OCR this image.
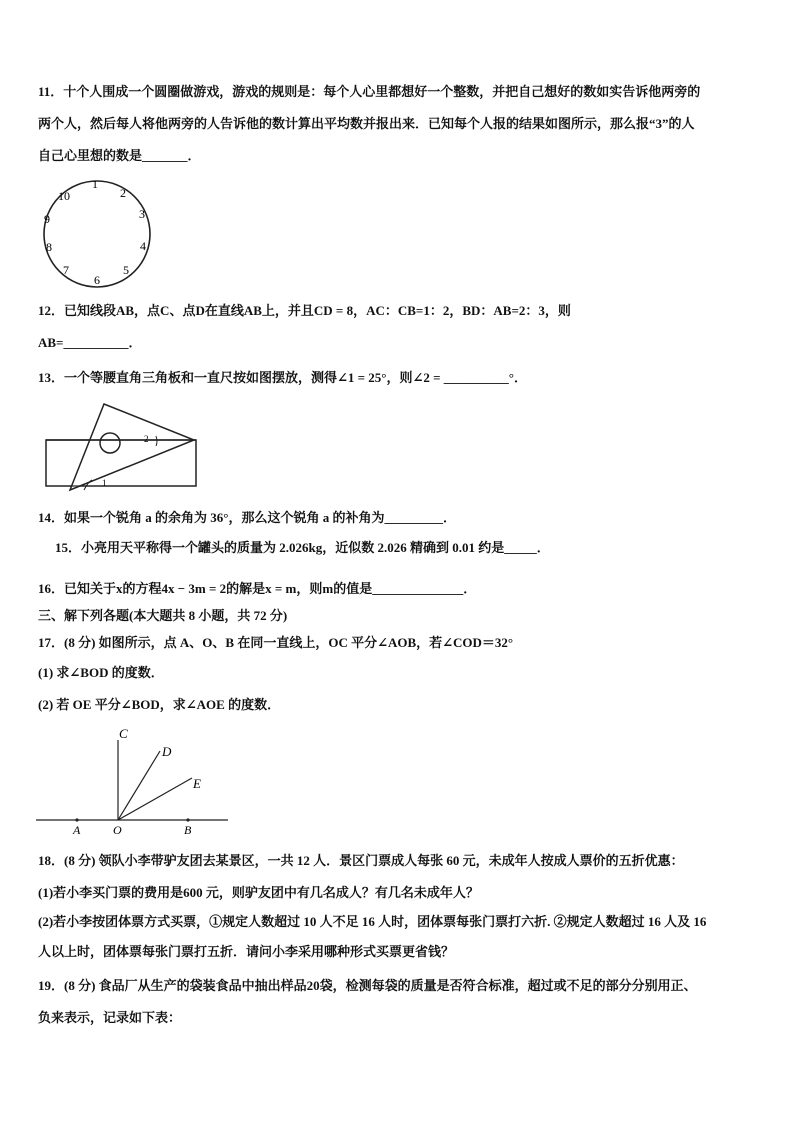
11．十个人围成一个圆圈做游戏，游戏的规则是：每个人心里都想好一个整数，并把自己想好的数如实告诉他两旁的
两个人，然后每人将他两旁的人告诉他的数计算出平均数并报出来．已知每个人报的结果如图所示，那么报“3”的人
自己心里想的数是_______．
1
2
3
4
5
6
7
8
9
10
12．已知线段AB，点C、点D在直线AB上，并且CD = 8，AC：CB=1：2，BD：AB=2：3，则
AB=__________．
13．一个等腰直角三角板和一直尺按如图摆放，测得∠1 = 25°，则∠2 = __________°．
1
2
14．如果一个锐角 a 的余角为 36°，那么这个锐角 a 的补角为_________．
15．小亮用天平称得一个罐头的质量为 2.026kg，近似数 2.026 精确到 0.01 约是_____．
16．已知关于x的方程4x − 3m = 2的解是x = m，则m的值是______________．
三、解下列各题(本大题共 8 小题，共 72 分)
17．(8 分) 如图所示，点 A、O、B 在同一直线上，OC 平分∠AOB，若∠COD＝32°
(1) 求∠BOD 的度数．
(2) 若 OE 平分∠BOD，求∠AOE 的度数．
C
D
E
A	O	B
18．(8 分) 领队小李带驴友团去某景区，一共 12 人．景区门票成人每张 60 元，未成年人按成人票价的五折优惠：
(1)若小李买门票的费用是600 元，则驴友团中有几名成人？有几名未成年人？
(2)若小李按团体票方式买票，①规定人数超过 10 人不足 16 人时，团体票每张门票打六折. ②规定人数超过 16 人及 16
人以上时，团体票每张门票打五折．请问小李采用哪种形式买票更省钱？
19．(8 分) 食品厂从生产的袋装食品中抽出样品20袋，检测每袋的质量是否符合标准，超过或不足的部分分别用正、
负来表示，记录如下表：
